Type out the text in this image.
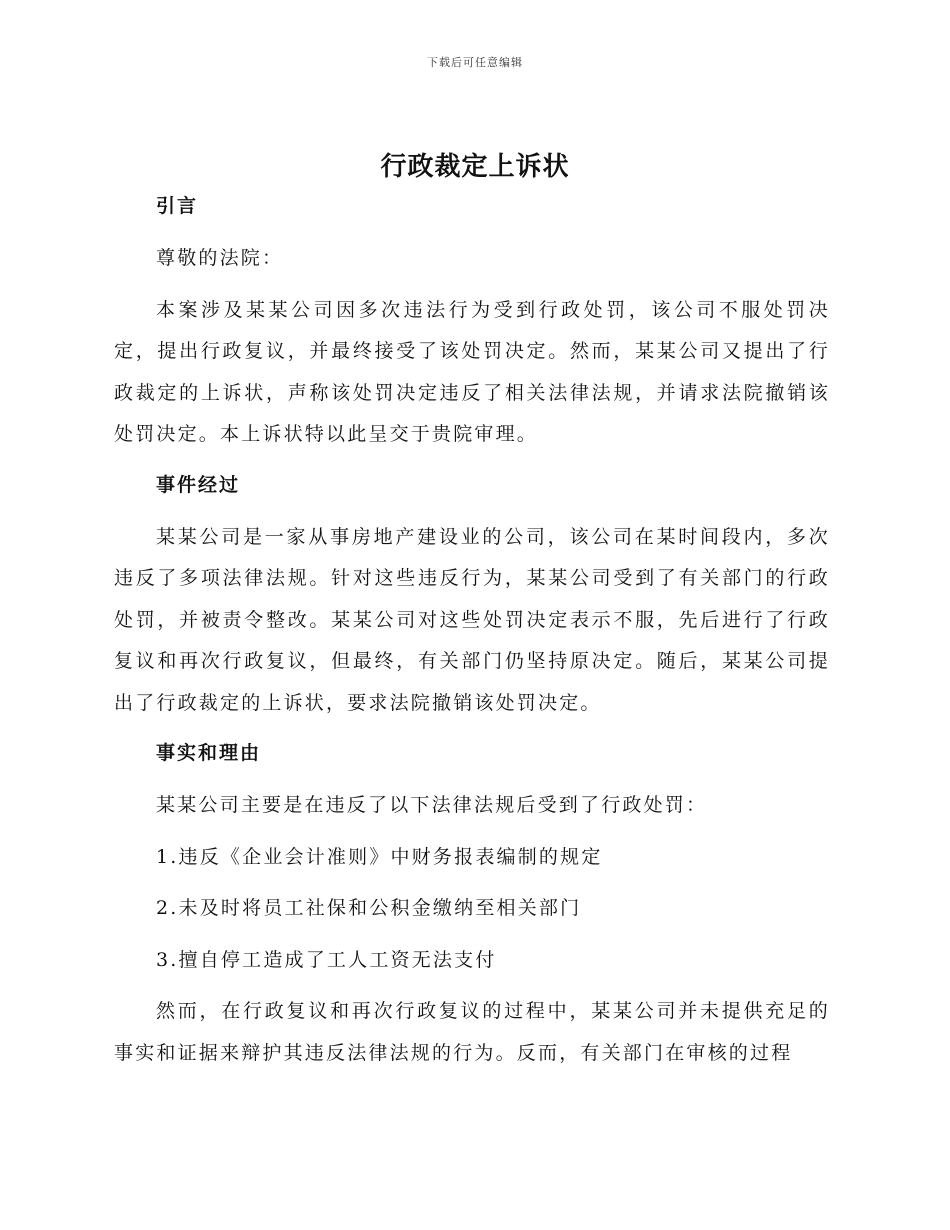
下载后可任意编辑
行政裁定上诉状

引言

尊敬的法院：

本案涉及某某公司因多次违法行为受到行政处罚，该公司不服处罚决定，提出行政复议，并最终接受了该处罚决定。然而，某某公司又提出了行政裁定的上诉状，声称该处罚决定违反了相关法律法规，并请求法院撤销该处罚决定。本上诉状特以此呈交于贵院审理。

事件经过

某某公司是一家从事房地产建设业的公司，该公司在某时间段内，多次违反了多项法律法规。针对这些违反行为，某某公司受到了有关部门的行政处罚，并被责令整改。某某公司对这些处罚决定表示不服，先后进行了行政复议和再次行政复议，但最终，有关部门仍坚持原决定。随后，某某公司提出了行政裁定的上诉状，要求法院撤销该处罚决定。

事实和理由

某某公司主要是在违反了以下法律法规后受到了行政处罚：

1.违反《企业会计准则》中财务报表编制的规定

2.未及时将员工社保和公积金缴纳至相关部门

3.擅自停工造成了工人工资无法支付

然而，在行政复议和再次行政复议的过程中，某某公司并未提供充足的事实和证据来辩护其违反法律法规的行为。反而，有关部门在审核的过程
